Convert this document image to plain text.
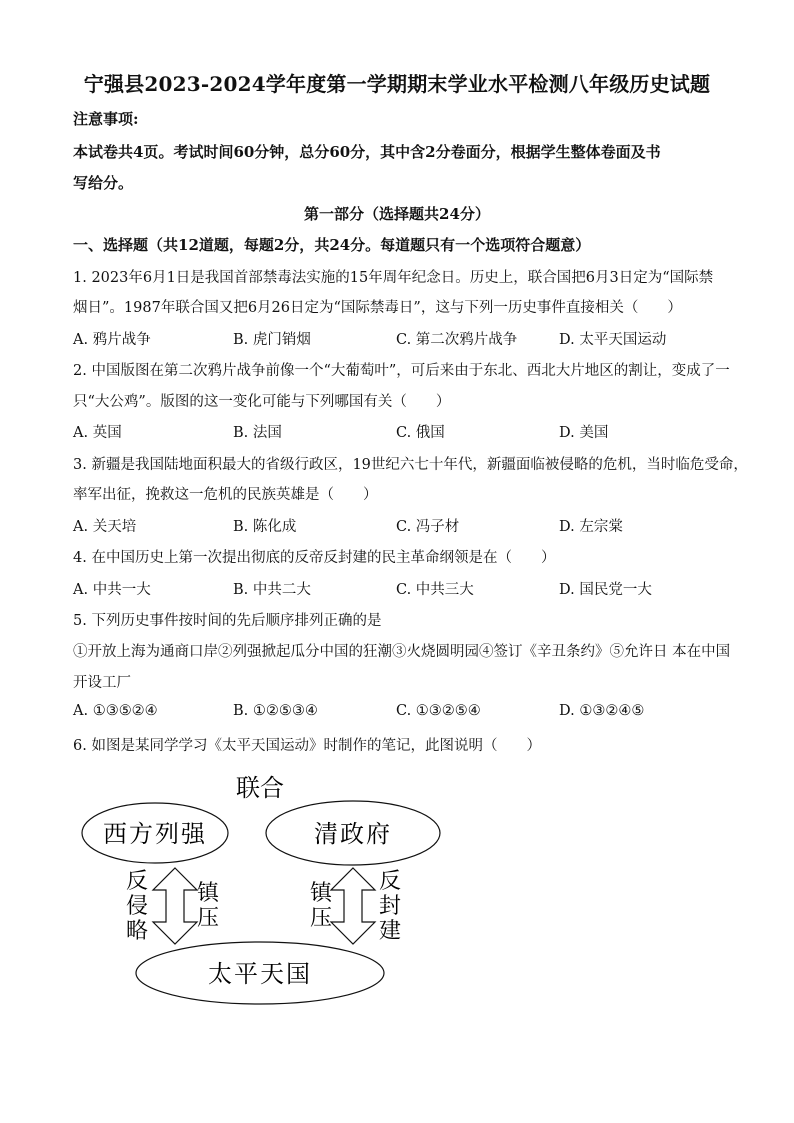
宁强县2023-2024学年度第一学期期末学业水平检测八年级历史试题
注意事项:
本试卷共4页。考试时间60分钟，总分60分，其中含2分卷面分，根据学生整体卷面及书
写给分。
第一部分（选择题共24分）
一、选择题（共12道题，每题2分，共24分。每道题只有一个选项符合题意）
1. 2023年6月1日是我国首部禁毒法实施的15年周年纪念日。历史上，联合国把6月3日定为“国际禁
烟日”。1987年联合国又把6月26日定为“国际禁毒日”，这与下列一历史事件直接相关（　　）
A. 鸦片战争	B. 虎门销烟	C. 第二次鸦片战争	D. 太平天国运动
2. 中国版图在第二次鸦片战争前像一个“大葡萄叶”，可后来由于东北、西北大片地区的割让，变成了一
只“大公鸡”。版图的这一变化可能与下列哪国有关（　　）
A. 英国	B. 法国	C. 俄国	D. 美国
3. 新疆是我国陆地面积最大的省级行政区，19世纪六七十年代，新疆面临被侵略的危机，当时临危受命，
率军出征，挽救这一危机的民族英雄是（　　）
A. 关天培	B. 陈化成	C. 冯子材	D. 左宗棠
4. 在中国历史上第一次提出彻底的反帝反封建的民主革命纲领是在（　　）
A. 中共一大	B. 中共二大	C. 中共三大	D. 国民党一大
5. 下列历史事件按时间的先后顺序排列正确的是
①开放上海为通商口岸②列强掀起瓜分中国的狂潮③火烧圆明园④签订《辛丑条约》⑤允许日 本在中国
开设工厂
A. ①③⑤②④	B. ①②⑤③④	C. ①③②⑤④	D. ①③②④⑤
6. 如图是某同学学习《太平天国运动》时制作的笔记，此图说明（　　）
联合
西方列强	清政府
太平天国
反
侵
略
镇
压
镇
压
反
封
建
